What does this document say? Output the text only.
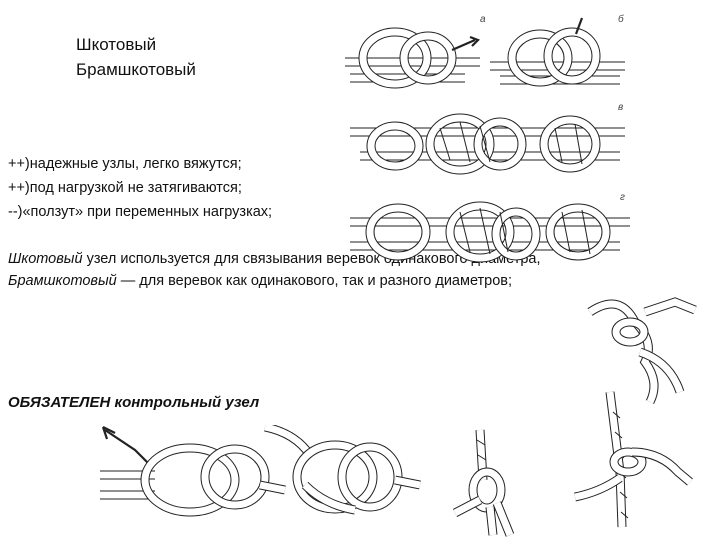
Шкотовый
Брамшкотовый
++)надежные узлы, легко вяжутся;
++)под нагрузкой не затягиваются;
--)«ползут» при переменных нагрузках;
Шкотовый узел используется для связывания веревок одинакового диаметра,
Брамшкотовый — для веревок как одинакового, так и разного диаметров;
ОБЯЗАТЕЛЕН контрольный узел
а	б
в
г
